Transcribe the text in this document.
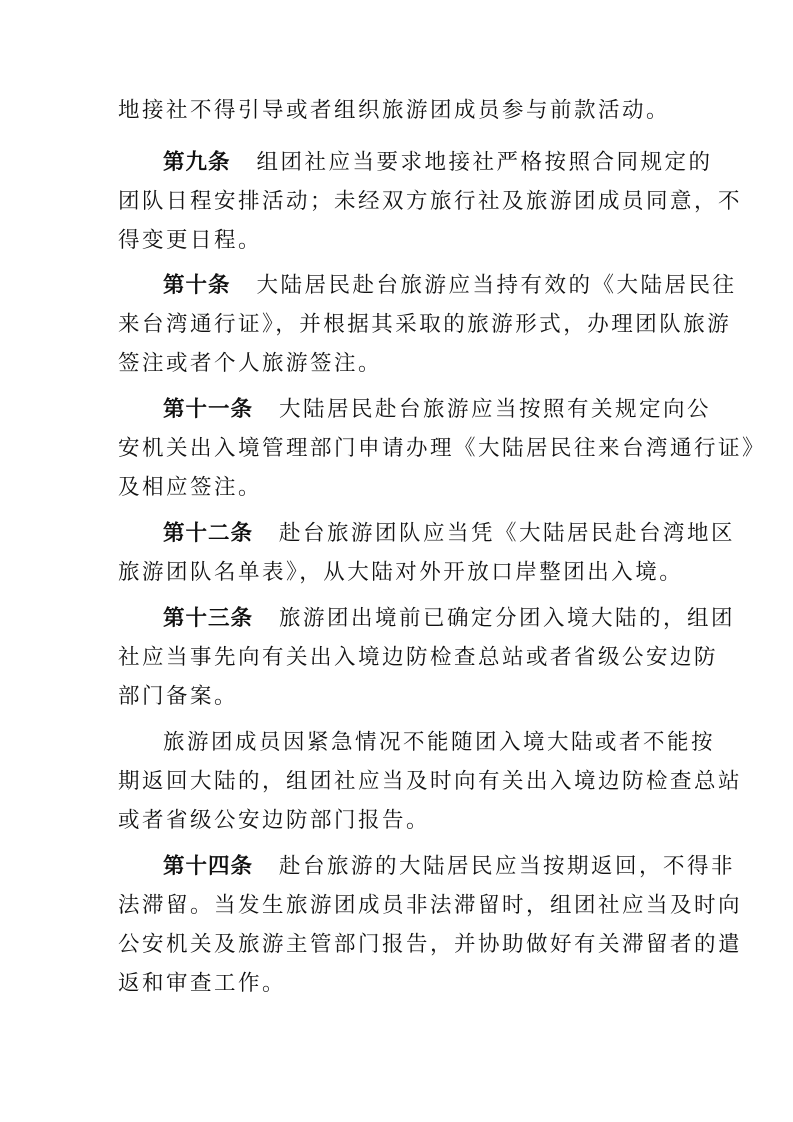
地接社不得引导或者组织旅游团成员参与前款活动。
第九条 组团社应当要求地接社严格按照合同规定的
团队日程安排活动；未经双方旅行社及旅游团成员同意，不
得变更日程。
第十条 大陆居民赴台旅游应当持有效的《大陆居民往
来台湾通行证》，并根据其采取的旅游形式，办理团队旅游
签注或者个人旅游签注。
第十一条 大陆居民赴台旅游应当按照有关规定向公
安机关出入境管理部门申请办理《大陆居民往来台湾通行证》
及相应签注。
第十二条 赴台旅游团队应当凭《大陆居民赴台湾地区
旅游团队名单表》，从大陆对外开放口岸整团出入境。
第十三条 旅游团出境前已确定分团入境大陆的，组团
社应当事先向有关出入境边防检查总站或者省级公安边防
部门备案。
旅游团成员因紧急情况不能随团入境大陆或者不能按
期返回大陆的，组团社应当及时向有关出入境边防检查总站
或者省级公安边防部门报告。
第十四条 赴台旅游的大陆居民应当按期返回，不得非
法滞留。当发生旅游团成员非法滞留时，组团社应当及时向
公安机关及旅游主管部门报告，并协助做好有关滞留者的遣
返和审查工作。
